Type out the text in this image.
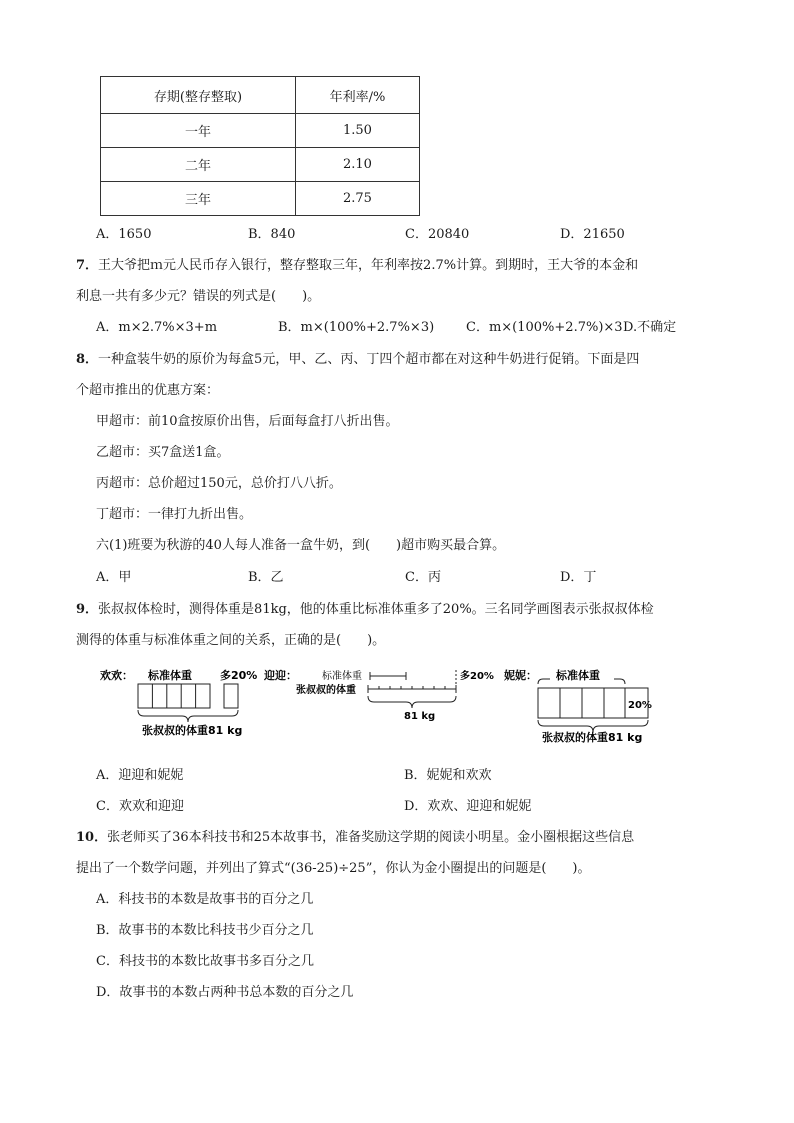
存期(整存整取)	年利率/%
一年	1.50
二年	2.10
三年	2.75
A．1650	B．840	C．20840	D．21650
7．王大爷把ｍ元人民币存入银行，整存整取三年，年利率按2.7%计算。到期时，王大爷的本金和
利息一共有多少元？错误的列式是(　　)。
A．m×2.7%×3+m	B．m×(100%+2.7%×3) C．m×(100%+2.7%)×3 D.不确定
8．一种盒装牛奶的原价为每盒5元，甲、乙、丙、丁四个超市都在对这种牛奶进行促销。下面是四
个超市推出的优惠方案：
甲超市：前10盒按原价出售，后面每盒打八折出售。
乙超市：买7盒送1盒。
丙超市：总价超过150元，总价打八八折。
丁超市：一律打九折出售。
六(1)班要为秋游的40人每人准备一盒牛奶，到(　　)超市购买最合算。
A．甲	B．乙	C．丙	D．丁
9．张叔叔体检时，测得体重是81kg，他的体重比标准体重多了20%。三名同学画图表示张叔叔体检
测得的体重与标准体重之间的关系，正确的是(　　)。
欢欢： 标准体重	多20%
张叔叔的体重81 kg
迎迎：	标准体重
张叔叔的体重
多20%
81 kg
妮妮： 标准体重
20%
张叔叔的体重81 kg
A．迎迎和妮妮	B．妮妮和欢欢
C．欢欢和迎迎	D．欢欢、迎迎和妮妮
10．张老师买了36本科技书和25本故事书，准备奖励这学期的阅读小明星。金小圈根据这些信息
提出了一个数学问题，并列出了算式“(36-25)÷25”，你认为金小圈提出的问题是(　　)。
A．科技书的本数是故事书的百分之几
B．故事书的本数比科技书少百分之几
C．科技书的本数比故事书多百分之几
D．故事书的本数占两种书总本数的百分之几
